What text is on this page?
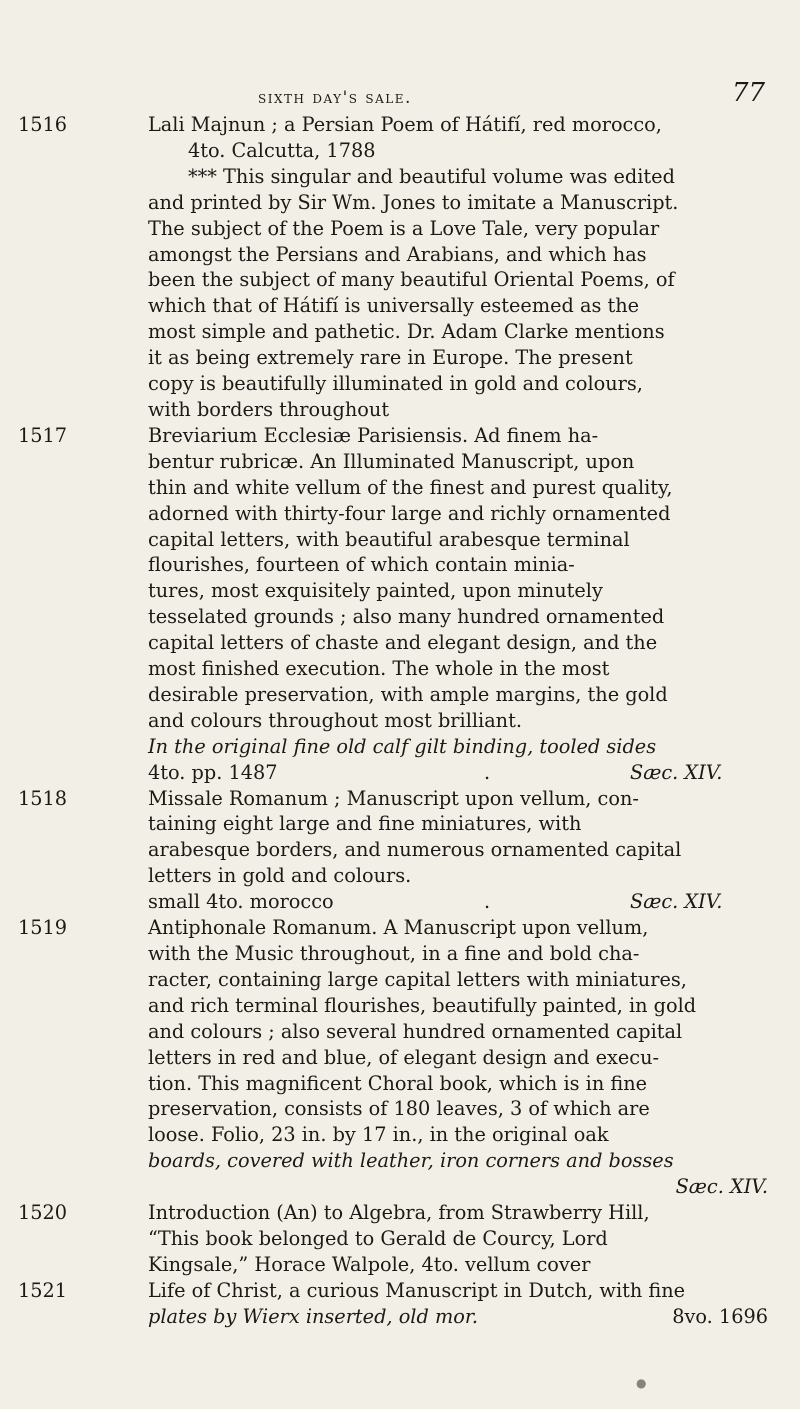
sixth day's sale.	77
1516	Lali Majnun ; a Persian Poem of Hátifí, red morocco,
4to. Calcutta, 1788
*** This singular and beautiful volume was edited
and printed by Sir Wm. Jones to imitate a Manuscript.
The subject of the Poem is a Love Tale, very popular
amongst the Persians and Arabians, and which has
been the subject of many beautiful Oriental Poems, of
which that of Hátifí is universally esteemed as the
most simple and pathetic. Dr. Adam Clarke mentions
it as being extremely rare in Europe. The present
copy is beautifully illuminated in gold and colours,
with borders throughout
1517	Breviarium Ecclesiæ Parisiensis. Ad finem ha-
bentur rubricæ. An Illuminated Manuscript, upon
thin and white vellum of the finest and purest quality,
adorned with thirty-four large and richly ornamented
capital letters, with beautiful arabesque terminal
flourishes, fourteen of which contain minia-
tures, most exquisitely painted, upon minutely
tesselated grounds ; also many hundred ornamented
capital letters of chaste and elegant design, and the
most finished execution. The whole in the most
desirable preservation, with ample margins, the gold
and colours throughout most brilliant.
In the original fine old calf gilt binding, tooled sides
4to. pp. 1487	.	Sæc. XIV.
1518	Missale Romanum ; Manuscript upon vellum, con-
taining eight large and fine miniatures, with
arabesque borders, and numerous ornamented capital
letters in gold and colours.
small 4to. morocco	.	Sæc. XIV.
1519	Antiphonale Romanum. A Manuscript upon vellum,
with the Music throughout, in a fine and bold cha-
racter, containing large capital letters with miniatures,
and rich terminal flourishes, beautifully painted, in gold
and colours ; also several hundred ornamented capital
letters in red and blue, of elegant design and execu-
tion. This magnificent Choral book, which is in fine
preservation, consists of 180 leaves, 3 of which are
loose. Folio, 23 in. by 17 in., in the original oak
boards, covered with leather, iron corners and bosses
Sæc. XIV.

1520	Introduction (An) to Algebra, from Strawberry Hill,
“This book belonged to Gerald de Courcy, Lord
Kingsale,” Horace Walpole, 4to. vellum cover
1521	Life of Christ, a curious Manuscript in Dutch, with fine
plates by Wierx inserted, old mor.	8vo. 1696
●
